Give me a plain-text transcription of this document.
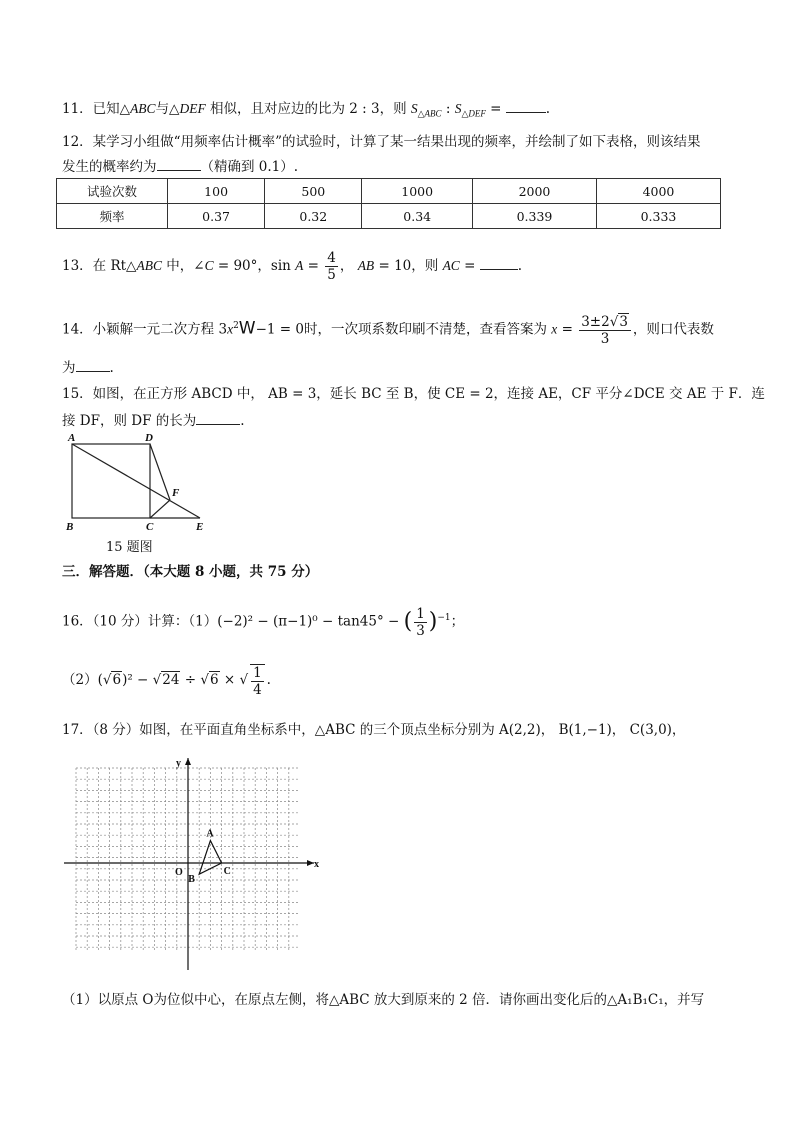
11．已知△ABC与△DEF 相似，且对应边的比为 2 : 3，则 $S_{\triangle ABC}$ : $S_{\triangle DEF}$ =	.
12．某学习小组做“用频率估计概率”的试验时，计算了某一结果出现的频率，并绘制了如下表格，则该结果
发生的概率约为	（精确到 0.1）.
试验次数	100	500	1000	2000	4000
频率	0.37	0.32	0.34	0.339	0.333
13．在 Rt△ABC 中，∠C = 90°，$\sin A = \frac{4}{5}$ ， AB = 10，则 AC =	.
14．小颖解一元二次方程 $3x^2W-1 = 0$时，一次项系数印刷不清楚，查看答案为 $x = \frac{3\pm 2√3}{3}$ ，则口代表数
为	.
15．如图，在正方形 ABCD 中， AB = 3，延长 BC 至 B，使 CE = 2，连接 AE，CF 平分∠DCE 交 AE 于 F．连
接 DF，则 DF 的长为	.
A	D
F
B	C	E
15 题图
三．解答题．（本大题 8 小题，共 75 分）
16．（10 分）计算：（1）(−2)² − (π−1)⁰ − tan45° − ( $\frac{1}{3} )^{-1}$；
（2）(√6)² − √24 ÷ √6 × √ $\frac{1}{4}$ .
17．（8 分）如图，在平面直角坐标系中，△ABC 的三个顶点坐标分别为 A(2,2)， B(1,−1)， C(3,0)，
x
y
O
A
B
C
（1）以原点 O为位似中心，在原点左侧，将△ABC 放大到原来的 2 倍．请你画出变化后的△A₁B₁C₁，并写
